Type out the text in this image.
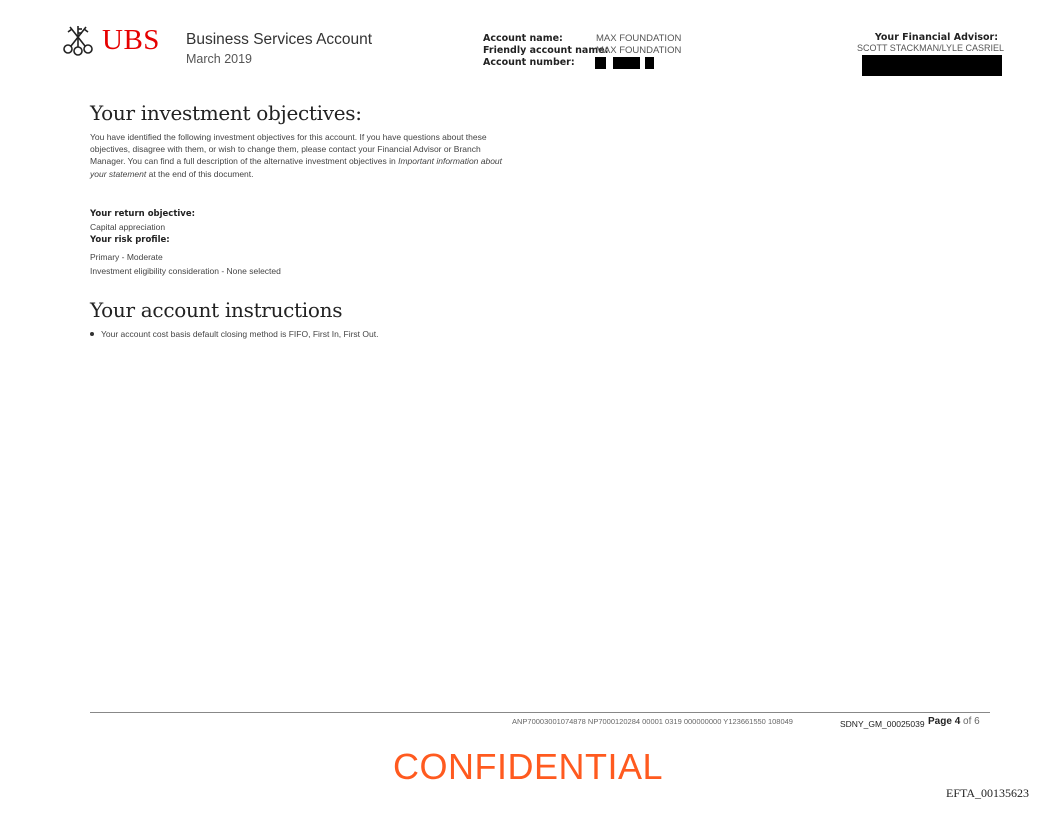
UBS Business Services Account
March 2019
Account name:	MAX FOUNDATION
Friendly account name:
MAX FOUNDATION
Account number:
Your Financial Advisor:
SCOTT STACKMAN/LYLE CASRIEL
Your investment objectives:
You have identified the following investment objectives for this account. If you have questions about these objectives, disagree with them, or wish to change them, please contact your Financial Advisor or Branch Manager. You can find a full description of the alternative investment objectives in Important information about your statement at the end of this document.
Your return objective:
Capital appreciation
Your risk profile:
Primary - Moderate
Investment eligibility consideration - None selected
Your account instructions
Your account cost basis default closing method is FIFO, First In, First Out.
ANP70003001074878 NP7000120284 00001 0319 000000000 Y123661550 108049	SDNY_GM_00025039 Page 4 of 6
CONFIDENTIAL
EFTA_00135623
